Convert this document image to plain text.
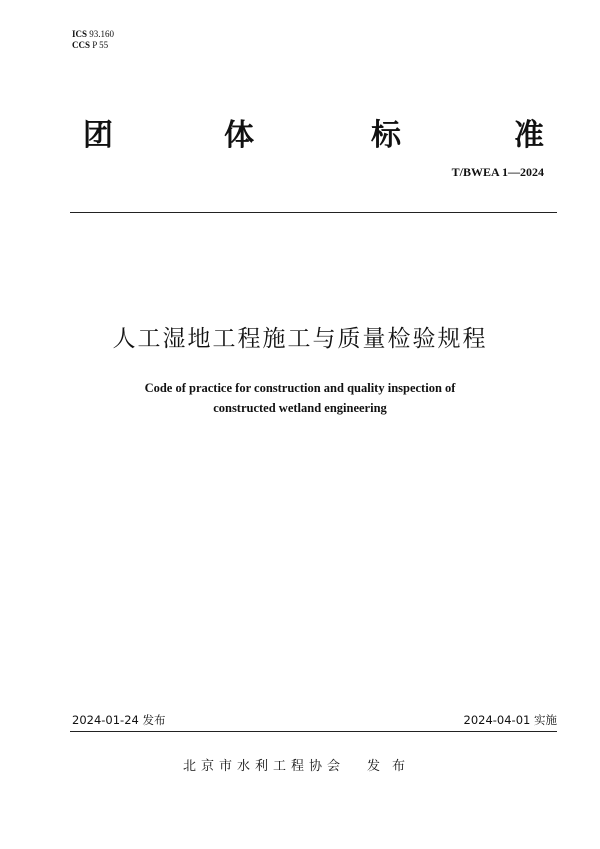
ICS 93.160
CCS P 55
团	体	标	准
T/BWEA 1—2024
人工湿地工程施工与质量检验规程
Code of practice for construction and quality inspection of
constructed wetland engineering
2024-01-24 发布	2024-04-01 实施
北京市水利工程协会 发布
